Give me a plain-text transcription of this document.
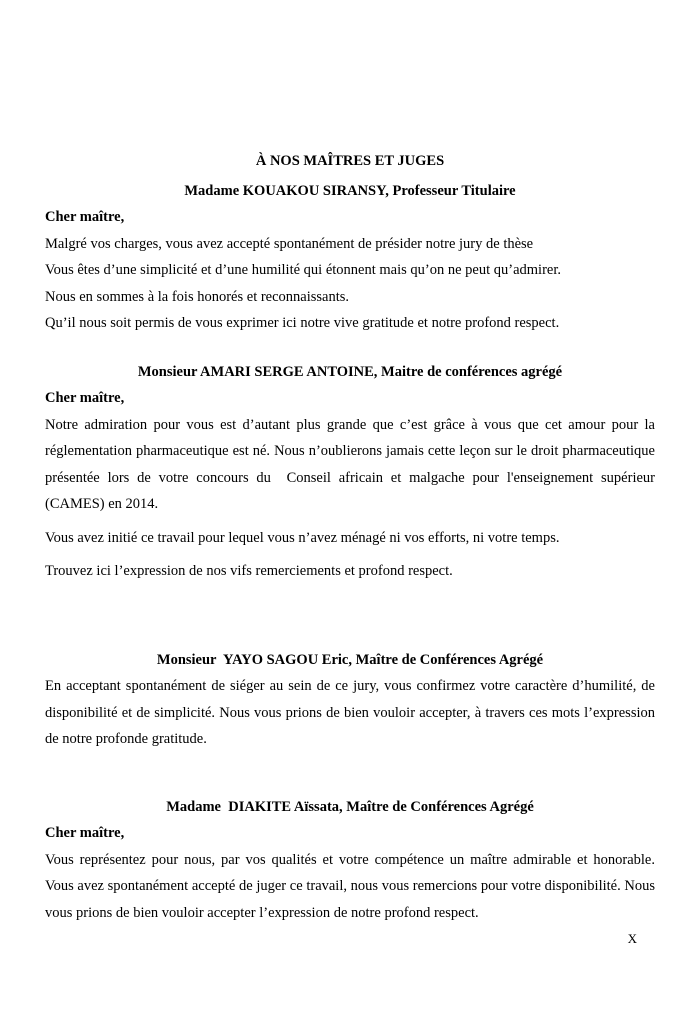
À NOS MAÎTRES ET JUGES
Madame KOUAKOU SIRANSY, Professeur Titulaire
Cher maître,
Malgré vos charges, vous avez accepté spontanément de présider notre jury de thèse
Vous êtes d’une simplicité et d’une humilité qui étonnent mais qu’on ne peut qu’admirer.
Nous en sommes à la fois honorés et reconnaissants.
Qu’il nous soit permis de vous exprimer ici notre vive gratitude et notre profond respect.
Monsieur AMARI SERGE ANTOINE, Maitre de conférences agrégé
Cher maître,
Notre admiration pour vous est d’autant plus grande que c’est grâce à vous que cet amour pour la réglementation pharmaceutique est né. Nous n’oublierons jamais cette leçon sur le droit pharmaceutique présentée lors de votre concours du  Conseil africain et malgache pour l'enseignement supérieur (CAMES) en 2014.
Vous avez initié ce travail pour lequel vous n’avez ménagé ni vos efforts, ni votre temps.
Trouvez ici l’expression de nos vifs remerciements et profond respect.
Monsieur  YAYO SAGOU Eric, Maître de Conférences Agrégé
En acceptant spontanément de siéger au sein de ce jury, vous confirmez votre caractère d’humilité, de disponibilité et de simplicité. Nous vous prions de bien vouloir accepter, à travers ces mots l’expression de notre profonde gratitude.
Madame  DIAKITE Aïssata, Maître de Conférences Agrégé
Cher maître,
Vous représentez pour nous, par vos qualités et votre compétence un maître admirable et honorable. Vous avez spontanément accepté de juger ce travail, nous vous remercions pour votre disponibilité. Nous vous prions de bien vouloir accepter l’expression de notre profond respect.
X
